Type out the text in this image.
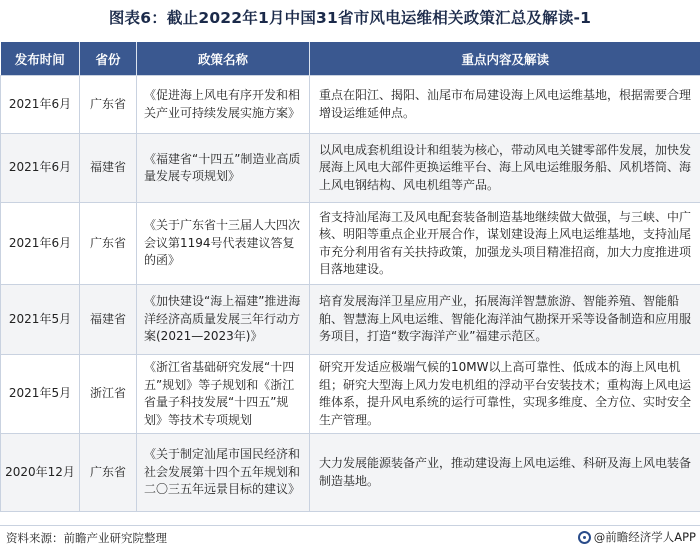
图表6：截止2022年1月中国31省市风电运维相关政策汇总及解读-1
发布时间	省份	政策名称	重点内容及解读
2021年6月	广东省	《促进海上风电有序开发和相关产业可持续发展实施方案》	重点在阳江、揭阳、汕尾市布局建设海上风电运维基地，根据需要合理增设运维延伸点。
2021年6月	福建省	《福建省“十四五”制造业高质量发展专项规划》	以风电成套机组设计和组装为核心，带动风电关键零部件发展，加快发展海上风电大部件更换运维平台、海上风电运维服务船、风机塔筒、海上风电钢结构、风电机组等产品。
2021年6月	广东省	《关于广东省十三届人大四次会议第1194号代表建议答复的函》	省支持汕尾海工及风电配套装备制造基地继续做大做强，与三峡、中广核、明阳等重点企业开展合作，谋划建设海上风电运维基地，支持汕尾市充分利用省有关扶持政策，加强龙头项目精准招商，加大力度推进项目落地建设。
2021年5月	福建省	《加快建设“海上福建”推进海洋经济高质量发展三年行动方案(2021—2023年)》	培育发展海洋卫星应用产业，拓展海洋智慧旅游、智能养殖、智能船舶、智慧海上风电运维、智能化海洋油气勘探开采等设备制造和应用服务项目，打造“数字海洋产业”福建示范区。
2021年5月	浙江省	《浙江省基础研究发展“十四五”规划》等子规划和《浙江省量子科技发展“十四五”规划》等技术专项规划	研究开发适应极端气候的10MW以上高可靠性、低成本的海上风电机组；研究大型海上风力发电机组的浮动平台安装技术；重构海上风电运维体系，提升风电系统的运行可靠性，实现多维度、全方位、实时安全生产管理。
2020年12月	广东省	《关于制定汕尾市国民经济和社会发展第十四个五年规划和二〇三五年远景目标的建议》	大力发展能源装备产业，推动建设海上风电运维、科研及海上风电装备制造基地。
资料来源：前瞻产业研究院整理	@前瞻经济学人APP
